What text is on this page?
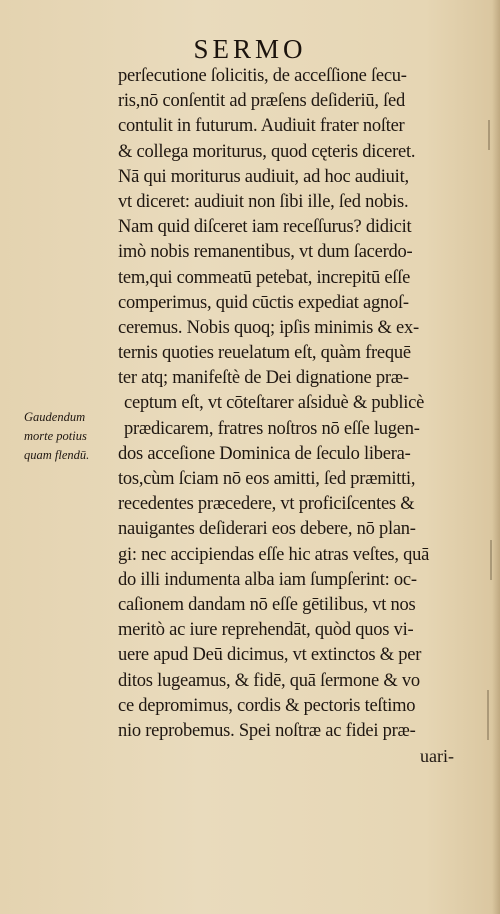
SERMO
Gaudendum
morte potius
quam flendū.
perſecutione ſolicitis, de acceſſione ſecu-
ris,nō conſentit ad præſens deſideriū, ſed
contulit in futurum. Audiuit frater noſter
& collega moriturus, quod cęteris diceret.
Nā qui moriturus audiuit, ad hoc audiuit,
vt diceret: audiuit non ſibi ille, ſed nobis.
Nam quid diſceret iam receſſurus? didicit
imò nobis remanentibus, vt dum ſacerdo-
tem,qui commeatū petebat, increpitū eſſe
comperimus, quid cūctis expediat agnoſ-
ceremus. Nobis quoq; ipſis minimis & ex-
ternis quoties reuelatum eſt, quàm frequē
ter atq; manifeſtè de Dei dignatione præ-
ceptum eſt, vt cōteſtarer aſsiduè & publicè
prædicarem, fratres noſtros nō eſſe lugen-
dos acceſione Dominica de ſeculo libera-
tos,cùm ſciam nō eos amitti, ſed præmitti,
recedentes præcedere, vt proficiſcentes &
nauigantes deſiderari eos debere, nō plan-
gi: nec accipiendas eſſe hic atras veſtes, quā
do illi indumenta alba iam ſumpſerint: oc-
caſionem dandam nō eſſe gētilibus, vt nos
meritò ac iure reprehendāt, quòd quos vi-
uere apud Deū dicimus, vt extinctos & per
ditos lugeamus, & fidē, quā ſermone & vo
ce depromimus, cordis & pectoris teſtimo
nio reprobemus. Spei noſtræ ac fidei præ-
uari-
